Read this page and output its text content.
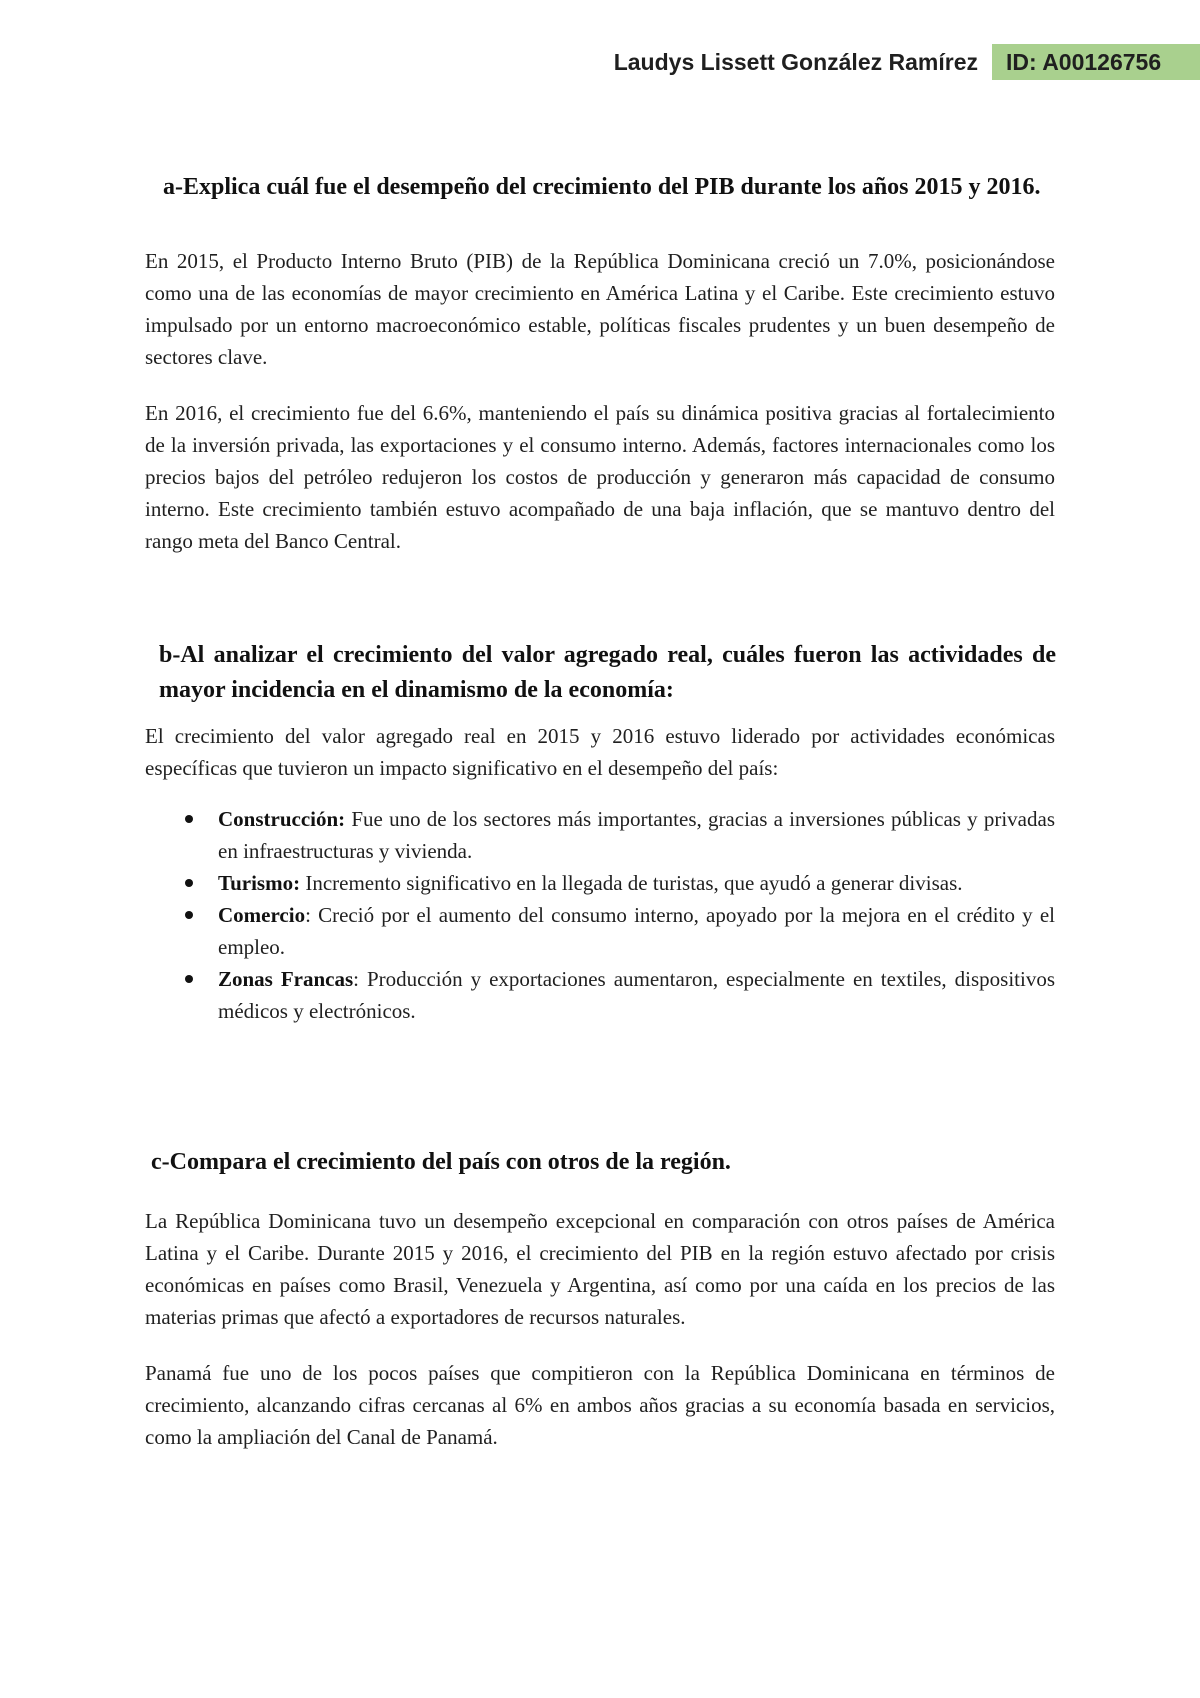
Laudys Lissett González Ramírez	ID: A00126756
a-Explica cuál fue el desempeño del crecimiento del PIB durante los años 2015 y 2016.

En 2015, el Producto Interno Bruto (PIB) de la República Dominicana creció un 7.0%, posicionándose como una de las economías de mayor crecimiento en América Latina y el Caribe. Este crecimiento estuvo impulsado por un entorno macroeconómico estable, políticas fiscales prudentes y un buen desempeño de sectores clave.

En 2016, el crecimiento fue del 6.6%, manteniendo el país su dinámica positiva gracias al fortalecimiento de la inversión privada, las exportaciones y el consumo interno. Además, factores internacionales como los precios bajos del petróleo redujeron los costos de producción y generaron más capacidad de consumo interno. Este crecimiento también estuvo acompañado de una baja inflación, que se mantuvo dentro del rango meta del Banco Central.

b-Al analizar el crecimiento del valor agregado real, cuáles fueron las actividades de mayor incidencia en el dinamismo de la economía:

El crecimiento del valor agregado real en 2015 y 2016 estuvo liderado por actividades económicas específicas que tuvieron un impacto significativo en el desempeño del país:

Construcción: Fue uno de los sectores más importantes, gracias a inversiones públicas y privadas en infraestructuras y vivienda.
Turismo: Incremento significativo en la llegada de turistas, que ayudó a generar divisas.
Comercio: Creció por el aumento del consumo interno, apoyado por la mejora en el crédito y el empleo.
Zonas Francas: Producción y exportaciones aumentaron, especialmente en textiles, dispositivos médicos y electrónicos.
c-Compara el crecimiento del país con otros de la región.

La República Dominicana tuvo un desempeño excepcional en comparación con otros países de América Latina y el Caribe. Durante 2015 y 2016, el crecimiento del PIB en la región estuvo afectado por crisis económicas en países como Brasil, Venezuela y Argentina, así como por una caída en los precios de las materias primas que afectó a exportadores de recursos naturales.

Panamá fue uno de los pocos países que compitieron con la República Dominicana en términos de crecimiento, alcanzando cifras cercanas al 6% en ambos años gracias a su economía basada en servicios, como la ampliación del Canal de Panamá.
